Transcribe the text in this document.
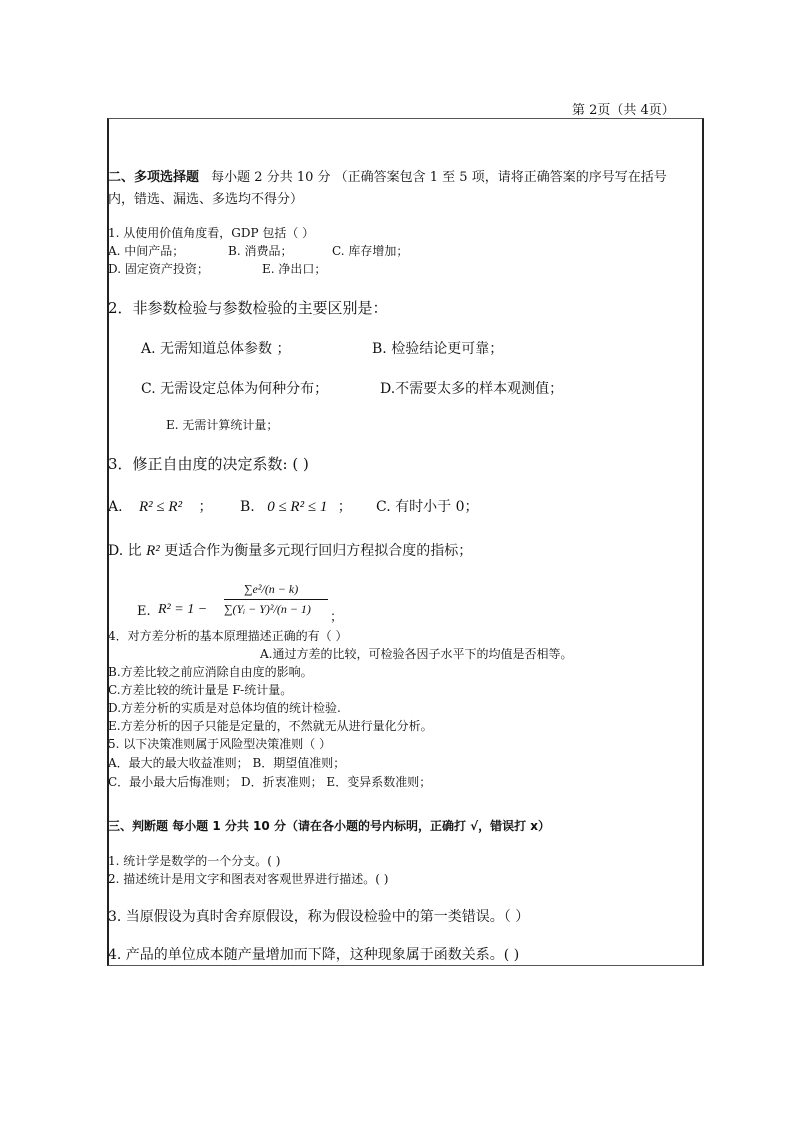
第 2页（共 4页）
二、多项选择题 每小题 2 分共 10 分 （正确答案包含 1 至 5 项，请将正确答案的序号写在括号
内，错选、漏选、多选均不得分）
1. 从使用价值角度看，GDP 包括（ ）
A. 中间产品；	B. 消费品；	C. 库存增加；
D. 固定资产投资；	E. 净出口；
2．非参数检验与参数检验的主要区别是：
A. 无需知道总体参数 ；	B. 检验结论更可靠；
C. 无需设定总体为何种分布；	D.不需要太多的样本观测值；
E. 无需计算统计量；
3．修正自由度的决定系数: ( )
A. R² ≤ R² ； B. 0 ≤ R² ≤ 1 ； C. 有时小于 0；
D. 比 R² 更适合作为衡量多元现行回归方程拟合度的指标；
E. R² = 1 −
∑e²/(n − k)
∑(Yᵢ − Y)²/(n − 1)
；
4．对方差分析的基本原理描述正确的有（ ）
A.通过方差的比较，可检验各因子水平下的均值是否相等。
B.方差比较之前应消除自由度的影响。
C.方差比较的统计量是 F-统计量。
D.方差分析的实质是对总体均值的统计检验.
E.方差分析的因子只能是定量的，不然就无从进行量化分析。
5. 以下决策准则属于风险型决策准则（ ）
A．最大的最大收益准则； B．期望值准则；
C．最小最大后悔准则； D．折衷准则； E．变异系数准则；
三、判断题 每小题 1 分共 10 分（请在各小题的号内标明，正确打 √，错误打 x）
1. 统计学是数学的一个分支。( )
2. 描述统计是用文字和图表对客观世界进行描述。( )
3. 当原假设为真时舍弃原假设，称为假设检验中的第一类错误。（ ）
4. 产品的单位成本随产量增加而下降，这种现象属于函数关系。( )
